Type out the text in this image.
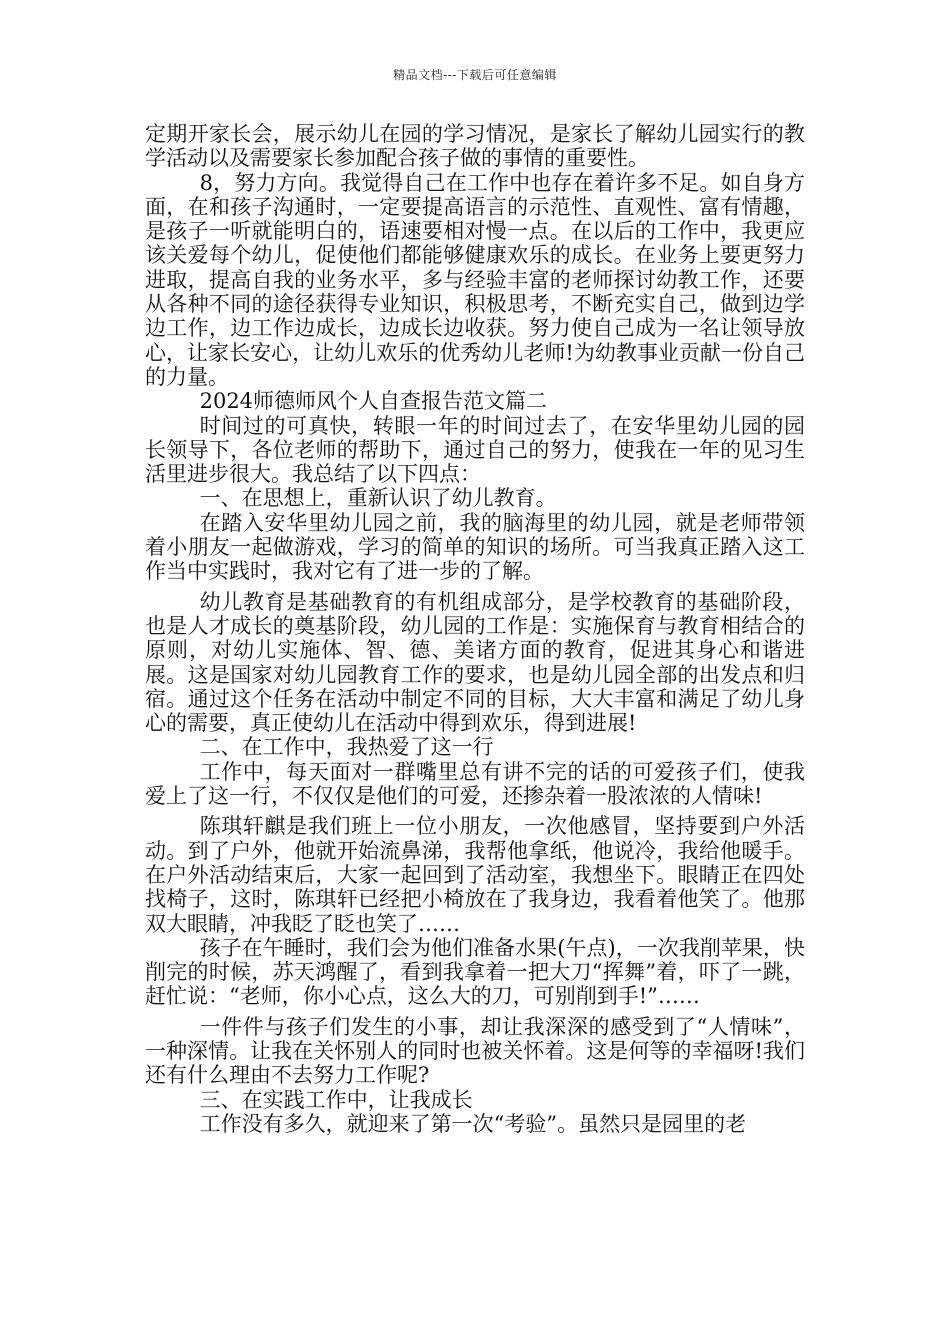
精品文档---下载后可任意编辑

定期开家长会，展示幼儿在园的学习情况，是家长了解幼儿园实行的教学活动以及需要家长参加配合孩子做的事情的重要性。

8，努力方向。我觉得自己在工作中也存在着许多不足。如自身方面，在和孩子沟通时，一定要提高语言的示范性、直观性、富有情趣，是孩子一听就能明白的，语速要相对慢一点。在以后的工作中，我更应该关爱每个幼儿，促使他们都能够健康欢乐的成长。在业务上要更努力进取，提高自我的业务水平，多与经验丰富的老师探讨幼教工作，还要从各种不同的途径获得专业知识，积极思考，不断充实自己，做到边学边工作，边工作边成长，边成长边收获。努力使自己成为一名让领导放心，让家长安心，让幼儿欢乐的优秀幼儿老师!为幼教事业贡献一份自己的力量。

2024师德师风个人自查报告范文篇二

时间过的可真快，转眼一年的时间过去了，在安华里幼儿园的园长领导下，各位老师的帮助下，通过自己的努力，使我在一年的见习生活里进步很大。我总结了以下四点：

一、在思想上，重新认识了幼儿教育。

在踏入安华里幼儿园之前，我的脑海里的幼儿园，就是老师带领着小朋友一起做游戏，学习的简单的知识的场所。可当我真正踏入这工作当中实践时，我对它有了进一步的了解。

幼儿教育是基础教育的有机组成部分，是学校教育的基础阶段，也是人才成长的奠基阶段，幼儿园的工作是：实施保育与教育相结合的原则，对幼儿实施体、智、德、美诸方面的教育，促进其身心和谐进展。这是国家对幼儿园教育工作的要求，也是幼儿园全部的出发点和归宿。通过这个任务在活动中制定不同的目标，大大丰富和满足了幼儿身心的需要，真正使幼儿在活动中得到欢乐，得到进展!

二、在工作中，我热爱了这一行

工作中，每天面对一群嘴里总有讲不完的话的可爱孩子们，使我爱上了这一行，不仅仅是他们的可爱，还掺杂着一股浓浓的人情味!

陈琪轩麒是我们班上一位小朋友，一次他感冒，坚持要到户外活动。到了户外，他就开始流鼻涕，我帮他拿纸，他说冷，我给他暖手。在户外活动结束后，大家一起回到了活动室，我想坐下。眼睛正在四处找椅子，这时，陈琪轩已经把小椅放在了我身边，我看着他笑了。他那双大眼睛，冲我眨了眨也笑了……

孩子在午睡时，我们会为他们准备水果(午点)，一次我削苹果，快削完的时候，苏天鸿醒了，看到我拿着一把大刀“挥舞”着，吓了一跳，赶忙说：“老师，你小心点，这么大的刀，可别削到手!”……

一件件与孩子们发生的小事，却让我深深的感受到了“人情味”，一种深情。让我在关怀别人的同时也被关怀着。这是何等的幸福呀!我们还有什么理由不去努力工作呢?

三、在实践工作中，让我成长

工作没有多久，就迎来了第一次“考验”。虽然只是园里的老
